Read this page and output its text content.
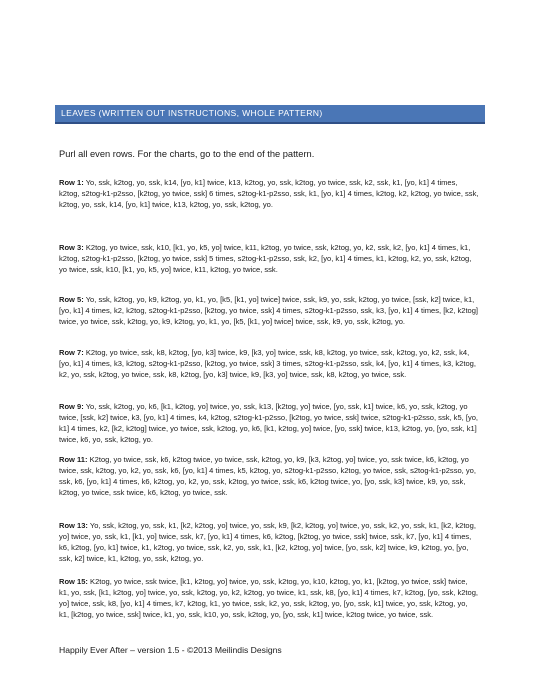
LEAVES (WRITTEN OUT INSTRUCTIONS, WHOLE PATTERN)
Purl all even rows. For the charts, go to the end of the pattern.
Row 1: Yo, ssk, k2tog, yo, ssk, k14, [yo, k1] twice, k13, k2tog, yo, ssk, k2tog, yo twice, ssk, k2, ssk, k1, [yo, k1] 4 times, k2tog, s2tog-k1-p2sso, [k2tog, yo twice, ssk] 6 times, s2tog-k1-p2sso, ssk, k1, [yo, k1] 4 times, k2tog, k2, k2tog, yo twice, ssk, k2tog, yo, ssk, k14, [yo, k1] twice, k13, k2tog, yo, ssk, k2tog, yo.
Row 3: K2tog, yo twice, ssk, k10, [k1, yo, k5, yo] twice, k11, k2tog, yo twice, ssk, k2tog, yo, k2, ssk, k2, [yo, k1] 4 times, k1, k2tog, s2tog-k1-p2sso, [k2tog, yo twice, ssk] 5 times, s2tog-k1-p2sso, ssk, k2, [yo, k1] 4 times, k1, k2tog, k2, yo, ssk, k2tog, yo twice, ssk, k10, [k1, yo, k5, yo] twice, k11, k2tog, yo twice, ssk.
Row 5: Yo, ssk, k2tog, yo, k9, k2tog, yo, k1, yo, [k5, [k1, yo] twice] twice, ssk, k9, yo, ssk, k2tog, yo twice, [ssk, k2] twice, k1, [yo, k1] 4 times, k2, k2tog, s2tog-k1-p2sso, [k2tog, yo twice, ssk] 4 times, s2tog-k1-p2sso, ssk, k3, [yo, k1] 4 times, [k2, k2tog] twice, yo twice, ssk, k2tog, yo, k9, k2tog, yo, k1, yo, [k5, [k1, yo] twice] twice, ssk, k9, yo, ssk, k2tog, yo.
Row 7: K2tog, yo twice, ssk, k8, k2tog, [yo, k3] twice, k9, [k3, yo] twice, ssk, k8, k2tog, yo twice, ssk, k2tog, yo, k2, ssk, k4, [yo, k1] 4 times, k3, k2tog, s2tog-k1-p2sso, [k2tog, yo twice, ssk] 3 times, s2tog-k1-p2sso, ssk, k4, [yo, k1] 4 times, k3, k2tog, k2, yo, ssk, k2tog, yo twice, ssk, k8, k2tog, [yo, k3] twice, k9, [k3, yo] twice, ssk, k8, k2tog, yo twice, ssk.
Row 9: Yo, ssk, k2tog, yo, k6, [k1, k2tog, yo] twice, yo, ssk, k13, [k2tog, yo] twice, [yo, ssk, k1] twice, k6, yo, ssk, k2tog, yo twice, [ssk, k2] twice, k3, [yo, k1] 4 times, k4, k2tog, s2tog-k1-p2sso, [k2tog, yo twice, ssk] twice, s2tog-k1-p2sso, ssk, k5, [yo, k1] 4 times, k2, [k2, k2tog] twice, yo twice, ssk, k2tog, yo, k6, [k1, k2tog, yo] twice, [yo, ssk] twice, k13, k2tog, yo, [yo, ssk, k1] twice, k6, yo, ssk, k2tog, yo.
Row 11: K2tog, yo twice, ssk, k6, k2tog twice, yo twice, ssk, k2tog, yo, k9, [k3, k2tog, yo] twice, yo, ssk twice, k6, k2tog, yo twice, ssk, k2tog, yo, k2, yo, ssk, k6, [yo, k1] 4 times, k5, k2tog, yo, s2tog-k1-p2sso, k2tog, yo twice, ssk, s2tog-k1-p2sso, yo, ssk, k6, [yo, k1] 4 times, k6, k2tog, yo, k2, yo, ssk, k2tog, yo twice, ssk, k6, k2tog twice, yo, [yo, ssk, k3] twice, k9, yo, ssk, k2tog, yo twice, ssk twice, k6, k2tog, yo twice, ssk.
Row 13: Yo, ssk, k2tog, yo, ssk, k1, [k2, k2tog, yo] twice, yo, ssk, k9, [k2, k2tog, yo] twice, yo, ssk, k2, yo, ssk, k1, [k2, k2tog, yo] twice, yo, ssk, k1, [k1, yo] twice, ssk, k7, [yo, k1] 4 times, k6, k2tog, [k2tog, yo twice, ssk] twice, ssk, k7, [yo, k1] 4 times, k6, k2tog, [yo, k1] twice, k1, k2tog, yo twice, ssk, k2, yo, ssk, k1, [k2, k2tog, yo] twice, [yo, ssk, k2] twice, k9, k2tog, yo, [yo, ssk, k2] twice, k1, k2tog, yo, ssk, k2tog, yo.
Row 15: K2tog, yo twice, ssk twice, [k1, k2tog, yo] twice, yo, ssk, k2tog, yo, k10, k2tog, yo, k1, [k2tog, yo twice, ssk] twice, k1, yo, ssk, [k1, k2tog, yo] twice, yo, ssk, k2tog, yo, k2, k2tog, yo twice, k1, ssk, k8, [yo, k1] 4 times, k7, k2tog, [yo, ssk, k2tog, yo] twice, ssk, k8, [yo, k1] 4 times, k7, k2tog, k1, yo twice, ssk, k2, yo, ssk, k2tog, yo, [yo, ssk, k1] twice, yo, ssk, k2tog, yo, k1, [k2tog, yo twice, ssk] twice, k1, yo, ssk, k10, yo, ssk, k2tog, yo, [yo, ssk, k1] twice, k2tog twice, yo twice, ssk.
Happily Ever After – version 1.5 - ©2013 Meilindis Designs
